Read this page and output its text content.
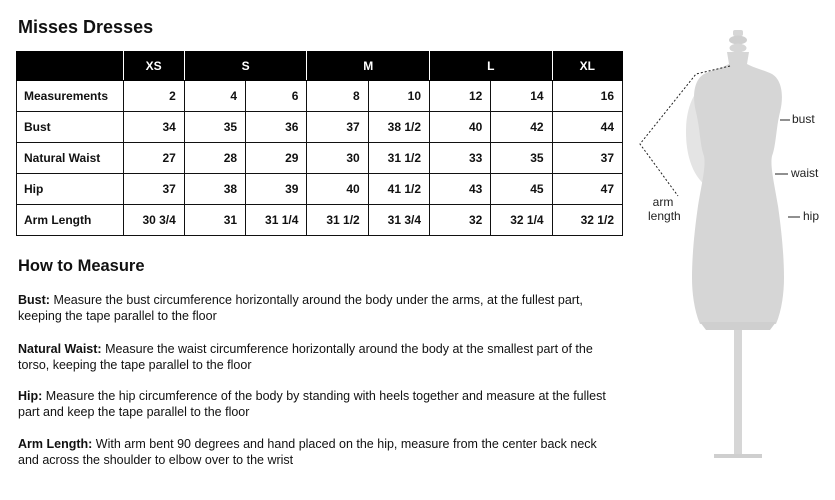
Misses Dresses
	XS	S		M		L		XL
Measurements	2	4	6	8	10	12	14	16
Bust	34	35	36	37	38 1/2	40	42	44
Natural Waist	27	28	29	30	31 1/2	33	35	37
Hip	37	38	39	40	41 1/2	43	45	47
Arm Length	30 3/4	31	31 1/4	31 1/2	31 3/4	32	32 1/4	32 1/2
How to Measure

Bust: Measure the bust circumference horizontally around the body under the arms, at the fullest part, keeping the tape parallel to the floor

Natural Waist: Measure the waist circumference horizontally around the body at the smallest part of the torso, keeping the tape parallel to the floor

Hip: Measure the hip circumference of the body by standing with heels together and measure at the fullest part and keep the tape parallel to the floor

Arm Length: With arm bent 90 degrees and hand placed on the hip, measure from the center back neck and across the shoulder to elbow over to the wrist

bust
waist
hip
arm
length
